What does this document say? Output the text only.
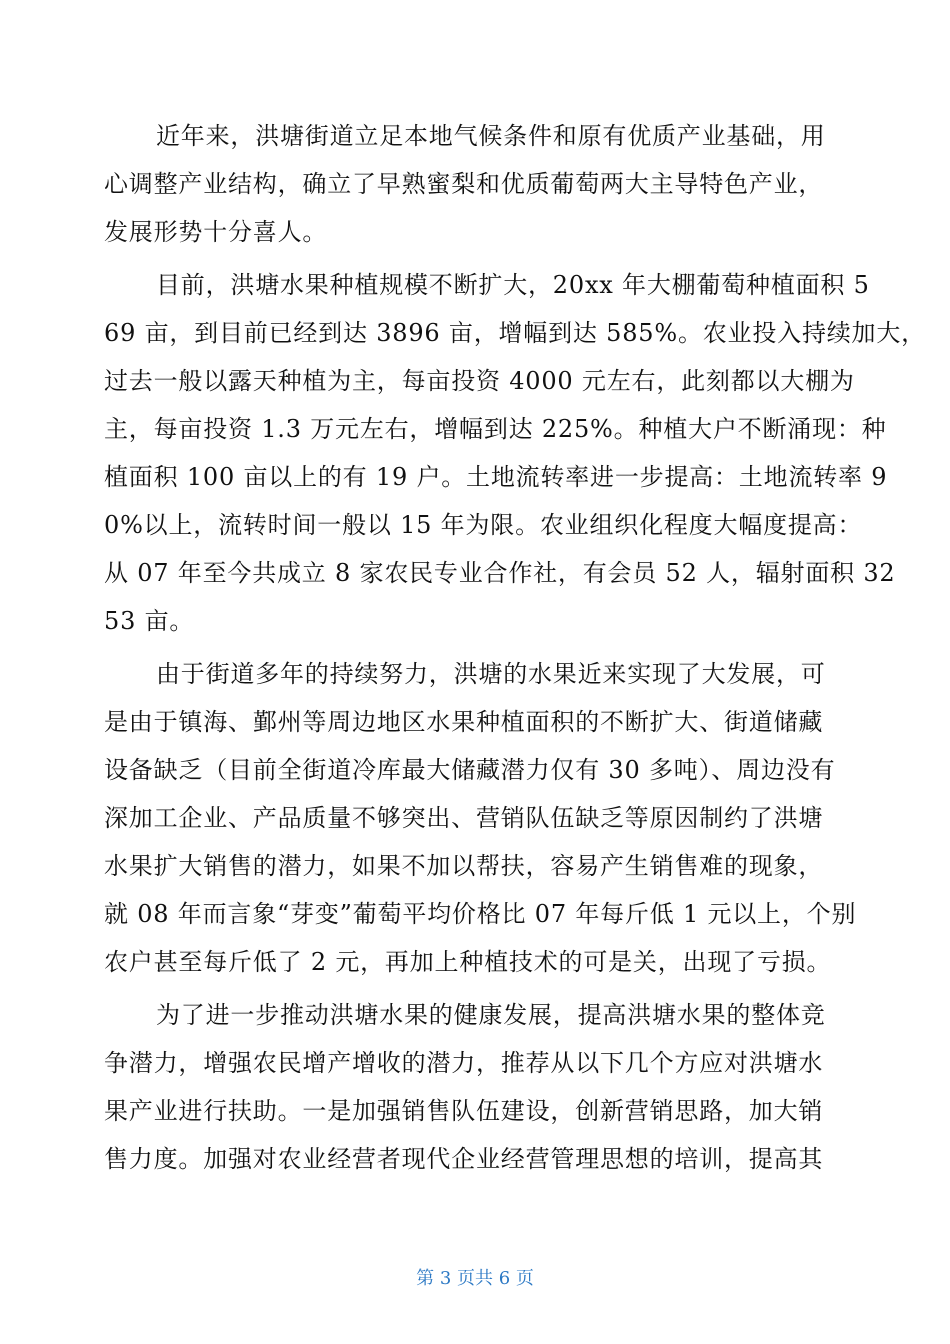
近年来，洪塘街道立足本地气候条件和原有优质产业基础，用
心调整产业结构，确立了早熟蜜梨和优质葡萄两大主导特色产业，
发展形势十分喜人。
目前，洪塘水果种植规模不断扩大，20xx 年大棚葡萄种植面积 5
69 亩，到目前已经到达 3896 亩，增幅到达 585%。农业投入持续加大，
过去一般以露天种植为主，每亩投资 4000 元左右，此刻都以大棚为
主，每亩投资 1.3 万元左右，增幅到达 225%。种植大户不断涌现：种
植面积 100 亩以上的有 19 户。土地流转率进一步提高：土地流转率 9
0%以上，流转时间一般以 15 年为限。农业组织化程度大幅度提高：
从 07 年至今共成立 8 家农民专业合作社，有会员 52 人，辐射面积 32
53 亩。
由于街道多年的持续努力，洪塘的水果近来实现了大发展，可
是由于镇海、鄞州等周边地区水果种植面积的不断扩大、街道储藏
设备缺乏（目前全街道冷库最大储藏潜力仅有 30 多吨）、周边没有
深加工企业、产品质量不够突出、营销队伍缺乏等原因制约了洪塘
水果扩大销售的潜力，如果不加以帮扶，容易产生销售难的现象，
就 08 年而言象“芽变”葡萄平均价格比 07 年每斤低 1 元以上，个别
农户甚至每斤低了 2 元，再加上种植技术的可是关，出现了亏损。
为了进一步推动洪塘水果的健康发展，提高洪塘水果的整体竞
争潜力，增强农民增产增收的潜力，推荐从以下几个方应对洪塘水
果产业进行扶助。一是加强销售队伍建设，创新营销思路，加大销
售力度。加强对农业经营者现代企业经营管理思想的培训，提高其
第 3 页共 6 页
